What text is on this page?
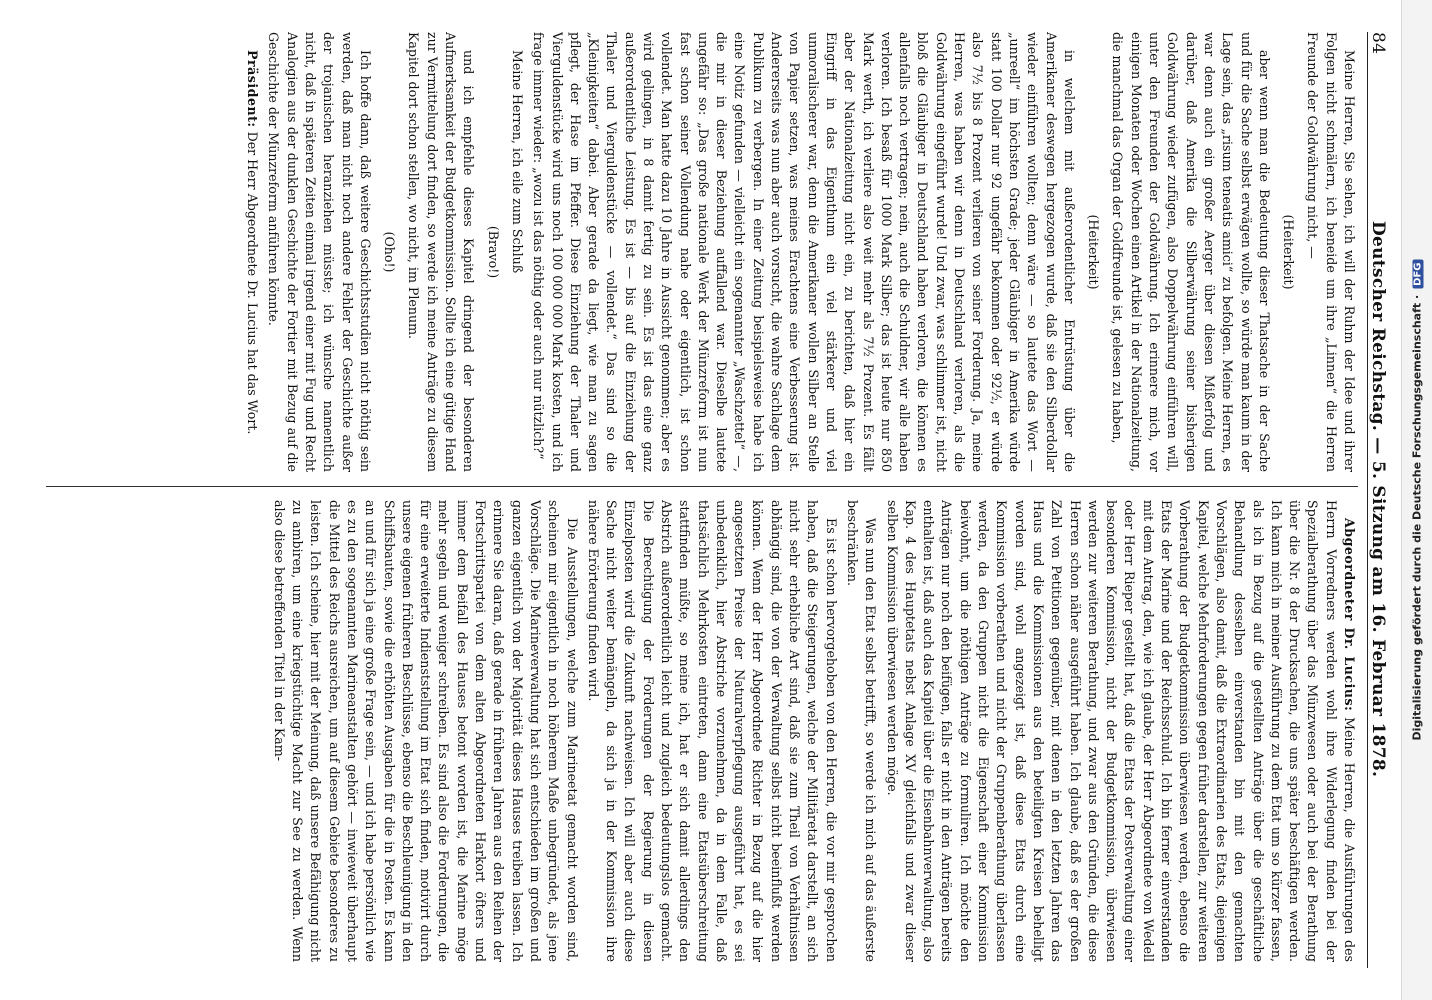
84
Deutscher Reichstag. — 5. Sitzung am 16. Februar 1878.

Meine Herren, Sie sehen, ich will der Ruhm der Idee und ihrer Folgen nicht schmälern, ich beneide um ihre „Linnen“ die Herren Freunde der Goldwährung nicht, —

(Heiterkeit)

aber wenn man die Bedeutung dieser Thatsache in der Sache und für die Sache selbst erwägen wollte, so würde man kaum in der Lage sein, das „risum teneatis amici“ zu befolgen. Meine Herren, es war denn auch ein großer Aerger über diesen Mißerfolg und darüber, daß Amerika die Silberwährung seiner bisherigen Goldwährung wieder zufügen, also Doppelwährung einführen will, unter den Freunden der Goldwährung. Ich erinnere mich, vor einigen Monaten oder Wochen einen Artikel in der Nationalzeitung, die manchmal das Organ der Goldfreunde ist, gelesen zu haben,

(Heiterkeit)

in welchem mit außerordentlicher Entrüstung über die Amerikaner deswegen hergezogen wurde, daß sie den Silberdollar wieder einführen wollten; denn wäre — so lautete das Wort — „unreell“ im höchsten Grade; jeder Gläubiger in Amerika würde statt 100 Dollar nur 92 ungefähr bekommen oder 92½, er würde also 7½ bis 8 Prozent verlieren von seiner Forderung. Ja, meine Herren, was haben wir denn in Deutschland verloren, als die Goldwährung eingeführt wurde! Und zwar, was schlimmer ist, nicht bloß die Gläubiger in Deutschland haben verloren, die können es allenfalls noch vertragen; nein, auch die Schuldner, wir alle haben verloren. Ich besaß für 1000 Mark Silber; das ist heute nur 850 Mark werth, ich verliere also weit mehr als 7½ Prozent. Es fällt aber der Nationalzeitung nicht ein, zu berichten, daß hier ein Eingriff in das Eigenthum ein viel stärkerer und viel unmoralischerer war, denn die Amerikaner wollen Silber an Stelle von Papier setzen, was meines Erachtens eine Verbesserung ist. Andererseits was nun aber auch vorsucht, die wahre Sachlage dem Publikum zu verbergen. In einer Zeitung beispielsweise habe ich eine Notiz gefunden — vielleicht ein sogenannter „Waschzettel“ —, die mir in dieser Beziehung auffallend war. Dieselbe lautete ungefähr so: „Das große nationale Werk der Münzreform ist nun fast schon seiner Vollendung nahe oder eigentlich, ist schon vollendet. Man hatte dazu 10 Jahre in Aussicht genommen; aber es wird gelingen, in 8 damit fertig zu sein. Es ist das eine ganz außerordentliche Leistung. Es ist — bis auf die Einziehung der Thaler und Vierguldenstücke — vollendet.“ Das sind so die „Kleinigkeiten“ dabei. Aber gerade da liegt, wie man zu sagen pflegt, der Hase im Pfeffer. Diese Einziehung der Thaler und Vierguldenstücke wird uns noch 100 000 000 Mark kosten, und ich frage immer wieder: „wozu ist das nöthig oder auch nur nützlich?“

Meine Herren, ich eile zum Schluß

(Bravo!)

und ich empfehle dieses Kapitel dringend der besonderen Aufmerksamkeit der Budgetkommission. Sollte ich eine gütige Hand zur Vermittelung dort finden, so werde ich meine Anträge zu diesem Kapitel dort schon stellen, wo nicht, im Plenum.

(Oho!)

Ich hoffe dann, daß weitere Geschichtsstudien nicht nöthig sein werden, daß man nicht noch andere Fehler der Geschichte außer der trojanischen heranziehen müsste; ich wünsche namentlich nicht, daß in späteren Zeiten einmal irgend einer mit Fug und Recht Analogien aus der dunklen Geschichte der Fortier mit Bezug auf die Geschichte der Münzreform anführen könnte.

Präsident: Der Herr Abgeordnete Dr. Lucius hat das Wort.

Abgeordneter Dr. Lucius: Meine Herren, die Ausführungen des Herrn Vorredners werden wohl ihre Widerlegung finden bei der Spezialberathung über das Münzwesen oder auch bei der Berathung über die Nr. 8 der Drucksachen, die uns später beschäftigen werden. Ich kann mich in meiner Ausführung zu dem Etat um so kürzer fassen, als ich in Bezug auf die gestellten Anträge über die geschäftliche Behandlung desselben einverstanden bin mit den gemachten Vorschlägen, also damit, daß die Extraordinarien des Etats, diejenigen Kapitel, welche Mehrforderungen gegen früher darstellen, zur weiteren Vorberathung der Budgetkommission überwiesen werden, ebenso die Etats der Marine und der Reichsschuld. Ich bin ferner einverstanden mit dem Antrag, den, wie ich glaube, der Herr Abgeordnete von Wedell oder Herr Rieper gestellt hat, daß die Etats der Postverwaltung einer besonderen Kommission, nicht der Budgetkommission, überwiesen werden zur weiteren Berathung, und zwar aus den Gründen, die diese Herren schon näher ausgeführt haben. Ich glaube, daß es der großen Zahl von Petitionen gegenüber, mit denen in den letzten Jahren das Haus und die Kommissionen aus den beteiligten Kreisen behelligt worden sind, wohl angezeigt ist, daß diese Etats durch eine Kommission vorberathen und nicht der Gruppenberathung überlassen werden, da den Gruppen nicht die Eigenschaft einer Kommission beiwohnt, um die nöthigen Anträge zu formuliren. Ich möchte den Anträgen nur noch den beifügen, falls er nicht in den Anträgen bereits enthalten ist, daß auch das Kapitel über die Eisenbahnverwaltung, also Kap. 4 des Hauptetats nebst Anlage XV gleichfalls und zwar dieser selben Kommission überwiesen werden möge.

Was nun den Etat selbst betrifft, so werde ich mich auf das äußerste beschränken.

Es ist schon hervorgehoben von den Herren, die vor mir gesprochen haben, daß die Steigerungen, welche der Militäretat darstellt, an sich nicht sehr erhebliche Art sind, daß sie zum Theil von Verhältnissen abhängig sind, die von der Verwaltung selbst nicht beeinflußt werden können. Wenn der Herr Abgeordnete Richter in Bezug auf die hier angesetzten Preise der Naturalverpflegung ausgeführt hat, es sei unbedenklich, hier Abstriche vorzunehmen, da in dem Falle, daß thatsächlich Mehrkosten eintreten, dann eine Etatsüberschreitung stattfinden müßte, so meine ich, hat er sich damit allerdings den Abstrich außerordentlich leicht und zugleich bedeutungslos gemacht. Die Berechtigung der Forderungen der Regierung in diesen Einzelposten wird die Zukunft nachweisen. Ich will aber auch diese Sache nicht weiter bemängeln, da sich ja in der Kommission ihre nähere Erörterung finden wird.

Die Ausstellungen, welche zum Marineetat gemacht worden sind, scheinen mir eigentlich in noch höherem Maße unbegründet, als jene Vorschläge. Die Marineverwaltung hat sich entschieden im großen und ganzen eigentlich von der Majorität dieses Hauses treiben lassen. Ich erinnere Sie daran, daß gerade in früheren Jahren aus den Reihen der Fortschrittspartei von dem alten Abgeordneten Harkort öfters und immer dem Beifall des Hauses betont worden ist, die Marine möge mehr segeln und weniger schreiben. Es sind also die Forderungen, die für eine erweiterte Indienststellung im Etat sich finden, motivirt durch unsere eigenen früheren Beschlüsse, ebenso die Beschleunigung in den Schiffsbauten, sowie die erhöhten Ausgaben für die in Posten. Es kann an und für sich ja eine große Frage sein, — und ich habe persönlich wie es zu den sogenannten Marineanstalten gehört — inwieweit überhaupt die Mittel des Reichs ausreichen, um auf diesem Gebiete besonderes zu leisten. Ich scheine, hier mit der Meinung, daß unsere Befähigung nicht zu ambiren, um eine kriegstüchtige Macht zur See zu werden. Wenn also diese betreffenden Titel in der Kam-	Digitalisierung gefördert durch die Deutsche Forschungsgemeinschaft ·DFG
